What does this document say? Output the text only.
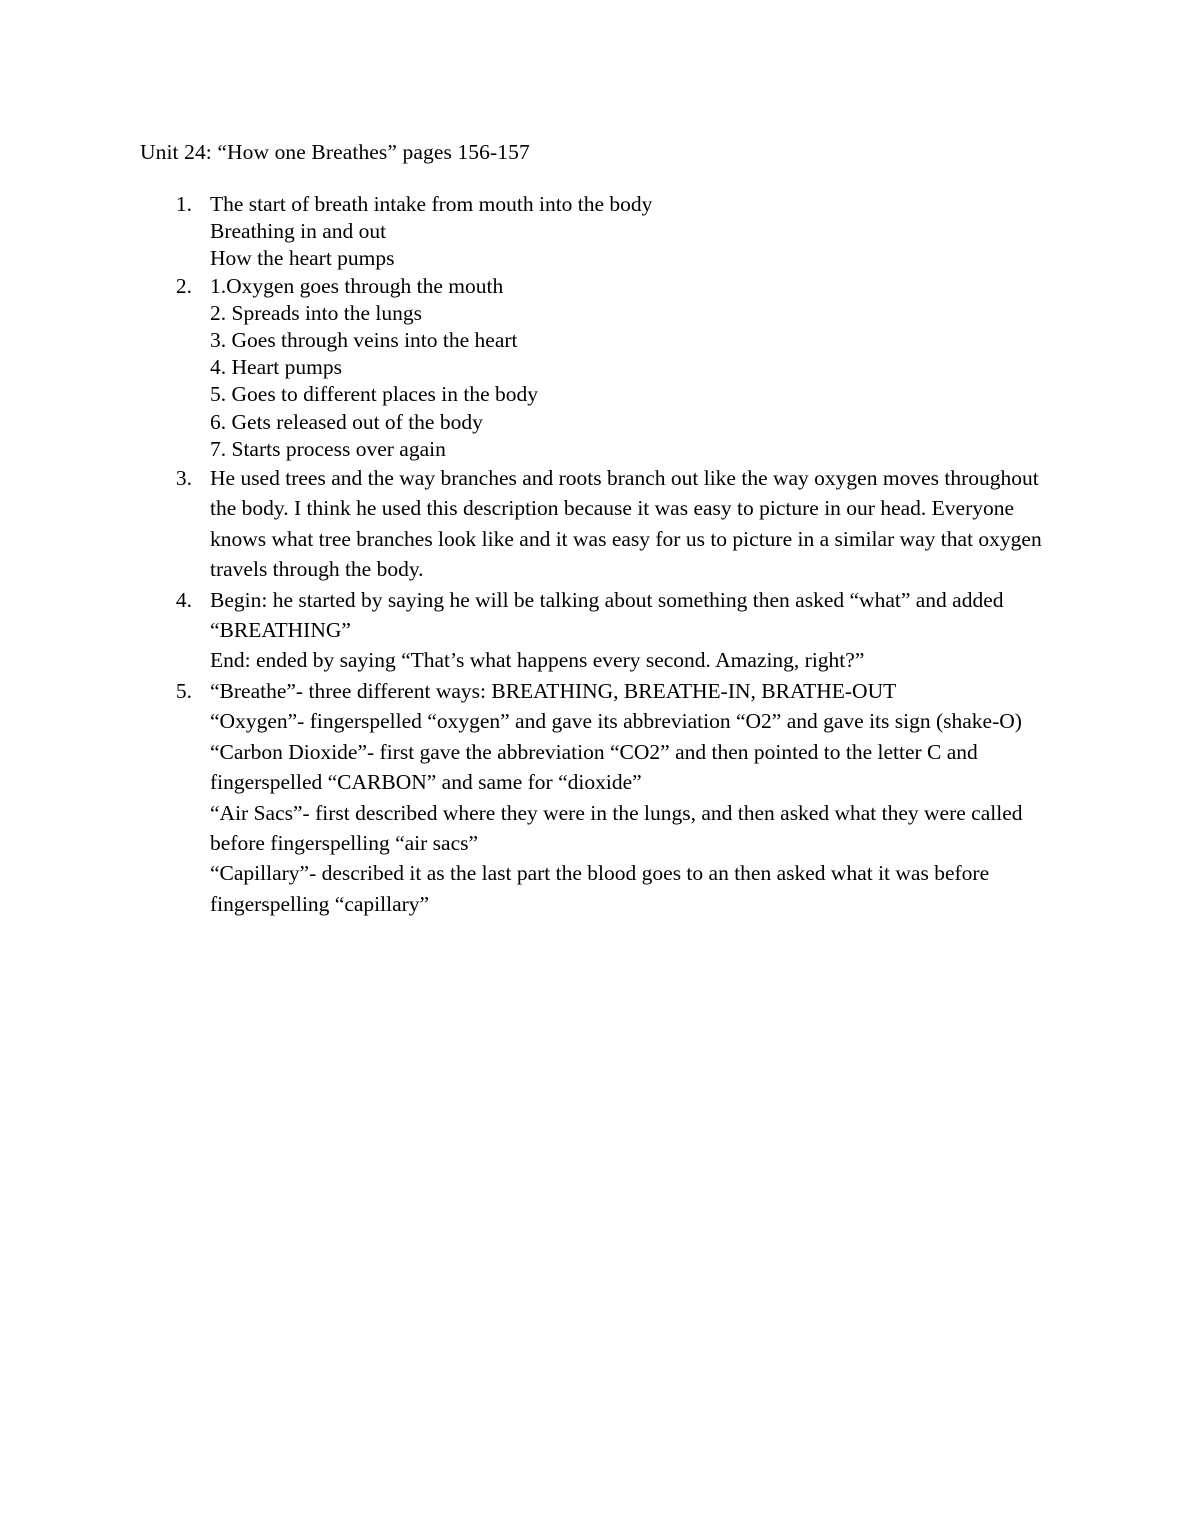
Unit 24: “How one Breathes” pages 156-157
1. The start of breath intake from mouth into the body
Breathing in and out
How the heart pumps
2. 1.Oxygen goes through the mouth
2. Spreads into the lungs
3. Goes through veins into the heart
4. Heart pumps
5. Goes to different places in the body
6. Gets released out of the body
7. Starts process over again
3. He used trees and the way branches and roots branch out like the way oxygen moves throughout the body. I think he used this description because it was easy to picture in our head. Everyone knows what tree branches look like and it was easy for us to picture in a similar way that oxygen travels through the body.
4. Begin: he started by saying he will be talking about something then asked “what” and added “BREATHING”
End: ended by saying “That’s what happens every second. Amazing, right?”
5. “Breathe”- three different ways: BREATHING, BREATHE-IN, BRATHE-OUT
“Oxygen”- fingerspelled “oxygen” and gave its abbreviation “O2” and gave its sign (shake-O)
“Carbon Dioxide”- first gave the abbreviation “CO2” and then pointed to the letter C and fingerspelled “CARBON” and same for “dioxide”
“Air Sacs”- first described where they were in the lungs, and then asked what they were called before fingerspelling “air sacs”
“Capillary”- described it as the last part the blood goes to an then asked what it was before fingerspelling “capillary”
